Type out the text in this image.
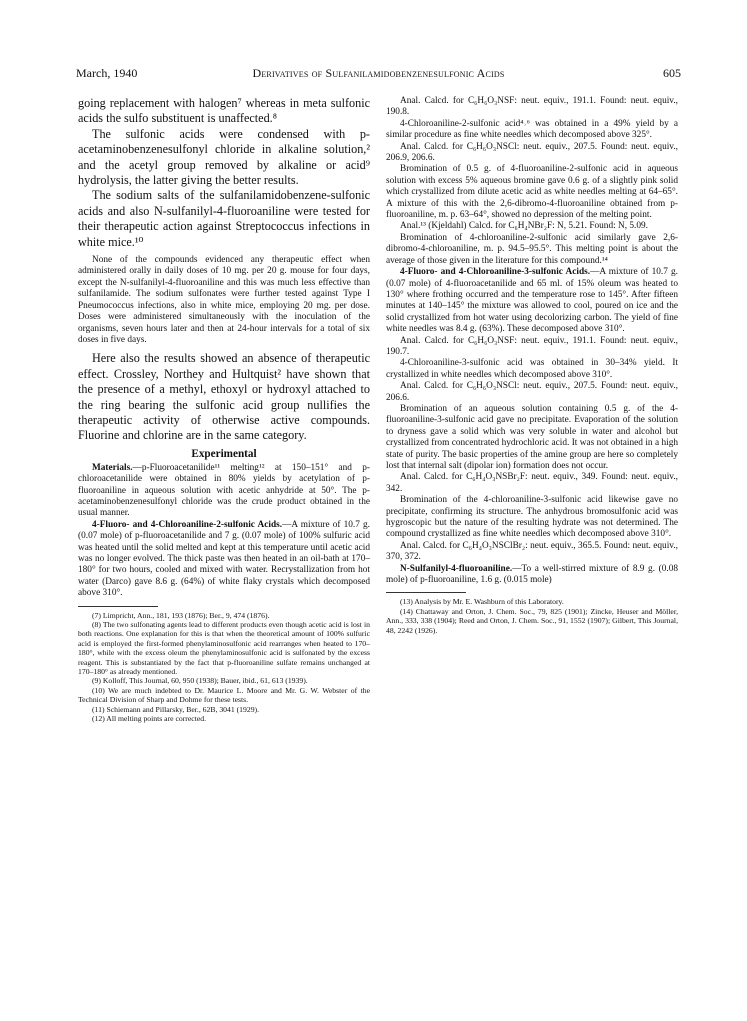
March, 1940	Derivatives of Sulfanilamidobenzenesulfonic Acids	605

going replacement with halogen⁷ whereas in meta sulfonic acids the sulfo substituent is unaffected.⁸

The sulfonic acids were condensed with p-acetaminobenzenesulfonyl chloride in alkaline solution,² and the acetyl group removed by alkaline or acid⁹ hydrolysis, the latter giving the better results.

The sodium salts of the sulfanilamidobenzene-sulfonic acids and also N-sulfanilyl-4-fluoroaniline were tested for their therapeutic action against Streptococcus infections in white mice.¹⁰

None of the compounds evidenced any therapeutic effect when administered orally in daily doses of 10 mg. per 20 g. mouse for four days, except the N-sulfanilyl-4-fluoroaniline and this was much less effective than sulfanilamide. The sodium sulfonates were further tested against Type I Pneumococcus infections, also in white mice, employing 20 mg. per dose. Doses were administered simultaneously with the inoculation of the organisms, seven hours later and then at 24-hour intervals for a total of six doses in five days.

Here also the results showed an absence of therapeutic effect. Crossley, Northey and Hultquist² have shown that the presence of a methyl, ethoxyl or hydroxyl attached to the ring bearing the sulfonic acid group nullifies the therapeutic activity of otherwise active compounds. Fluorine and chlorine are in the same category.

Experimental

Materials.—p-Fluoroacetanilide¹¹ melting¹² at 150–151° and p-chloroacetanilide were obtained in 80% yields by acetylation of p-fluoroaniline in aqueous solution with acetic anhydride at 50°. The p-acetaminobenzenesulfonyl chloride was the crude product obtained in the usual manner.

4-Fluoro- and 4-Chloroaniline-2-sulfonic Acids.—A mixture of 10.7 g. (0.07 mole) of p-fluoroacetanilide and 7 g. (0.07 mole) of 100% sulfuric acid was heated until the solid melted and kept at this temperature until acetic acid was no longer evolved. The thick paste was then heated in an oil-bath at 170–180° for two hours, cooled and mixed with water. Recrystallization from hot water (Darco) gave 8.6 g. (64%) of white flaky crystals which decomposed above 310°.

(7) Limpricht, Ann., 181, 193 (1876); Ber., 9, 474 (1876).

(8) The two sulfonating agents lead to different products even though acetic acid is lost in both reactions. One explanation for this is that when the theoretical amount of 100% sulfuric acid is employed the first-formed phenylaminosulfonic acid rearranges when heated to 170–180°, while with the excess oleum the phenylaminosulfonic acid is sulfonated by the excess reagent. This is substantiated by the fact that p-fluoroaniline sulfate remains unchanged at 170–180° as already mentioned.

(9) Kolloff, This Journal, 60, 950 (1938); Bauer, ibid., 61, 613 (1939).

(10) We are much indebted to Dr. Maurice L. Moore and Mr. G. W. Webster of the Technical Division of Sharp and Dohme for these tests.

(11) Schiemann and Pillarsky, Ber., 62B, 3041 (1929).

(12) All melting points are corrected.

Anal. Calcd. for C₆H₆O₃NSF: neut. equiv., 191.1. Found: neut. equiv., 190.8.

4-Chloroaniline-2-sulfonic acid⁴˒⁶ was obtained in a 49% yield by a similar procedure as fine white needles which decomposed above 325°.

Anal. Calcd. for C₆H₆O₃NSCl: neut. equiv., 207.5. Found: neut. equiv., 206.9, 206.6.

Bromination of 0.5 g. of 4-fluoroaniline-2-sulfonic acid in aqueous solution with excess 5% aqueous bromine gave 0.6 g. of a slightly pink solid which crystallized from dilute acetic acid as white needles melting at 64–65°. A mixture of this with the 2,6-dibromo-4-fluoroaniline obtained from p-fluoroaniline, m. p. 63–64°, showed no depression of the melting point.

Anal.¹³ (Kjeldahl) Calcd. for C₆H₄NBr₂F: N, 5.21. Found: N, 5.09.

Bromination of 4-chloroaniline-2-sulfonic acid similarly gave 2,6-dibromo-4-chloroaniline, m. p. 94.5–95.5°. This melting point is about the average of those given in the literature for this compound.¹⁴

4-Fluoro- and 4-Chloroaniline-3-sulfonic Acids.—A mixture of 10.7 g. (0.07 mole) of 4-fluoroacetanilide and 65 ml. of 15% oleum was heated to 130° where frothing occurred and the temperature rose to 145°. After fifteen minutes at 140–145° the mixture was allowed to cool, poured on ice and the solid crystallized from hot water using decolorizing carbon. The yield of fine white needles was 8.4 g. (63%). These decomposed above 310°.

Anal. Calcd. for C₆H₆O₃NSF: neut. equiv., 191.1. Found: neut. equiv., 190.7.

4-Chloroaniline-3-sulfonic acid was obtained in 30–34% yield. It crystallized in white needles which decomposed above 310°.

Anal. Calcd. for C₆H₆O₃NSCl: neut. equiv., 207.5. Found: neut. equiv., 206.6.

Bromination of an aqueous solution containing 0.5 g. of the 4-fluoroaniline-3-sulfonic acid gave no precipitate. Evaporation of the solution to dryness gave a solid which was very soluble in water and alcohol but crystallized from concentrated hydrochloric acid. It was not obtained in a high state of purity. The basic properties of the amine group are here so completely lost that internal salt (dipolar ion) formation does not occur.

Anal. Calcd. for C₆H₄O₃NSBr₂F: neut. equiv., 349. Found: neut. equiv., 342.

Bromination of the 4-chloroaniline-3-sulfonic acid likewise gave no precipitate, confirming its structure. The anhydrous bromosulfonic acid was hygroscopic but the nature of the resulting hydrate was not determined. The compound crystallized as fine white needles which decomposed above 310°.

Anal. Calcd. for C₆H₄O₃NSClBr₂: neut. equiv., 365.5. Found: neut. equiv., 370, 372.

N-Sulfanilyl-4-fluoroaniline.—To a well-stirred mixture of 8.9 g. (0.08 mole) of p-fluoroaniline, 1.6 g. (0.015 mole)

(13) Analysis by Mr. E. Washburn of this Laboratory.

(14) Chattaway and Orton, J. Chem. Soc., 79, 825 (1901); Zincke, Heuser and Möller, Ann., 333, 338 (1904); Reed and Orton, J. Chem. Soc., 91, 1552 (1907); Gilbert, This Journal, 48, 2242 (1926).
